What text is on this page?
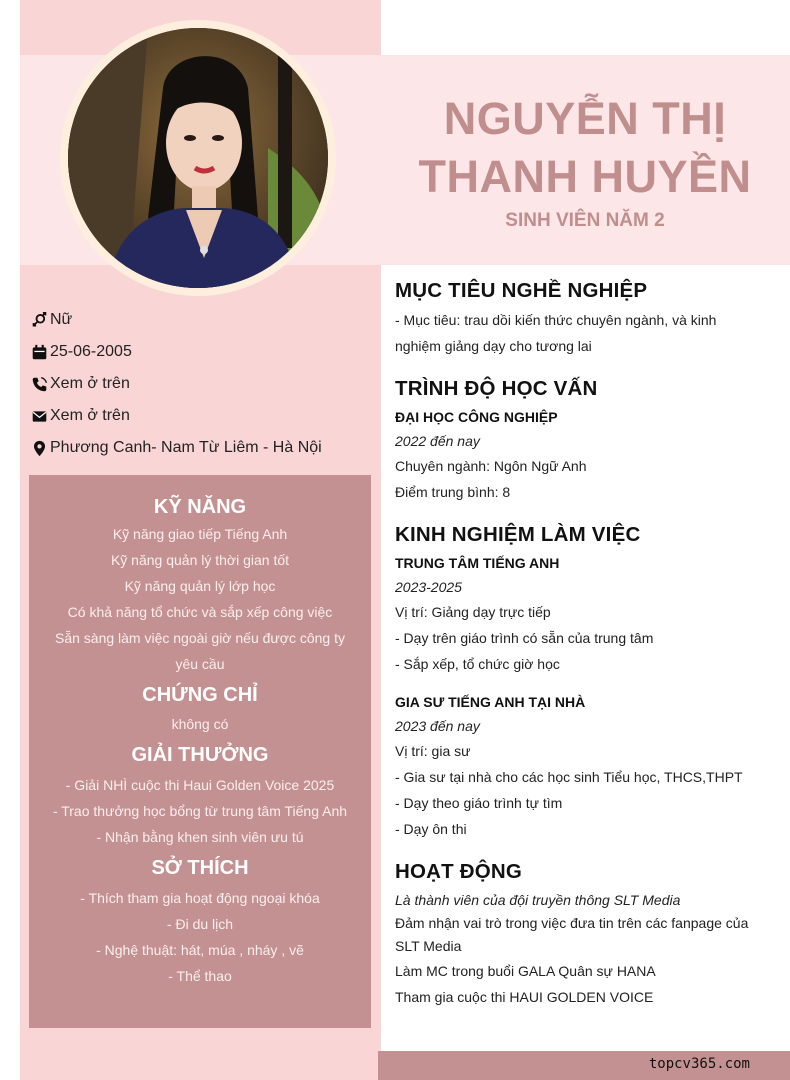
NGUYỄN THỊ
THANH HUYỀN
SINH VIÊN NĂM 2
Nữ
25-06-2005
Xem ở trên
Xem ở trên
Phương Canh- Nam Từ Liêm - Hà Nội
KỸ NĂNG

Kỹ năng giao tiếp Tiếng Anh

Kỹ năng quản lý thời gian tốt

Kỹ năng quản lý lớp học

Có khả năng tổ chức và sắp xếp công việc

Sẵn sàng làm việc ngoài giờ nếu được công ty

yêu cầu

CHỨNG CHỈ

không có

GIẢI THƯỞNG

- Giải NHÌ cuộc thi Haui Golden Voice 2025

- Trao thưởng học bổng từ trung tâm Tiếng Anh

- Nhận bằng khen sinh viên ưu tú

SỞ THÍCH

- Thích tham gia hoạt động ngoại khóa

- Đi du lịch

- Nghệ thuật: hát, múa , nháy , vẽ

- Thể thao

MỤC TIÊU NGHỀ NGHIỆP

- Mục tiêu: trau dồi kiến thức chuyên ngành, và kinh

nghiệm giảng dạy cho tương lai

TRÌNH ĐỘ HỌC VẤN
ĐẠI HỌC CÔNG NGHIỆP

2022 đến nay

Chuyên ngành: Ngôn Ngữ Anh

Điểm trung bình: 8

KINH NGHIỆM LÀM VIỆC
TRUNG TÂM TIẾNG ANH

2023-2025

Vị trí: Giảng dạy trực tiếp

- Dạy trên giáo trình có sẵn của trung tâm

- Sắp xếp, tổ chức giờ học

GIA SƯ TIẾNG ANH TẠI NHÀ

2023 đến nay

Vị trí: gia sư

- Gia sư tại nhà cho các học sinh Tiểu học, THCS,THPT

- Dạy theo giáo trình tự tìm

- Dạy ôn thi

HOẠT ĐỘNG

Là thành viên của đội truyền thông SLT Media

Đảm nhận vai trò trong việc đưa tin trên các fanpage của

SLT Media

Làm MC trong buổi GALA Quân sự HANA

Tham gia cuộc thi HAUI GOLDEN VOICE

topcv365.com
